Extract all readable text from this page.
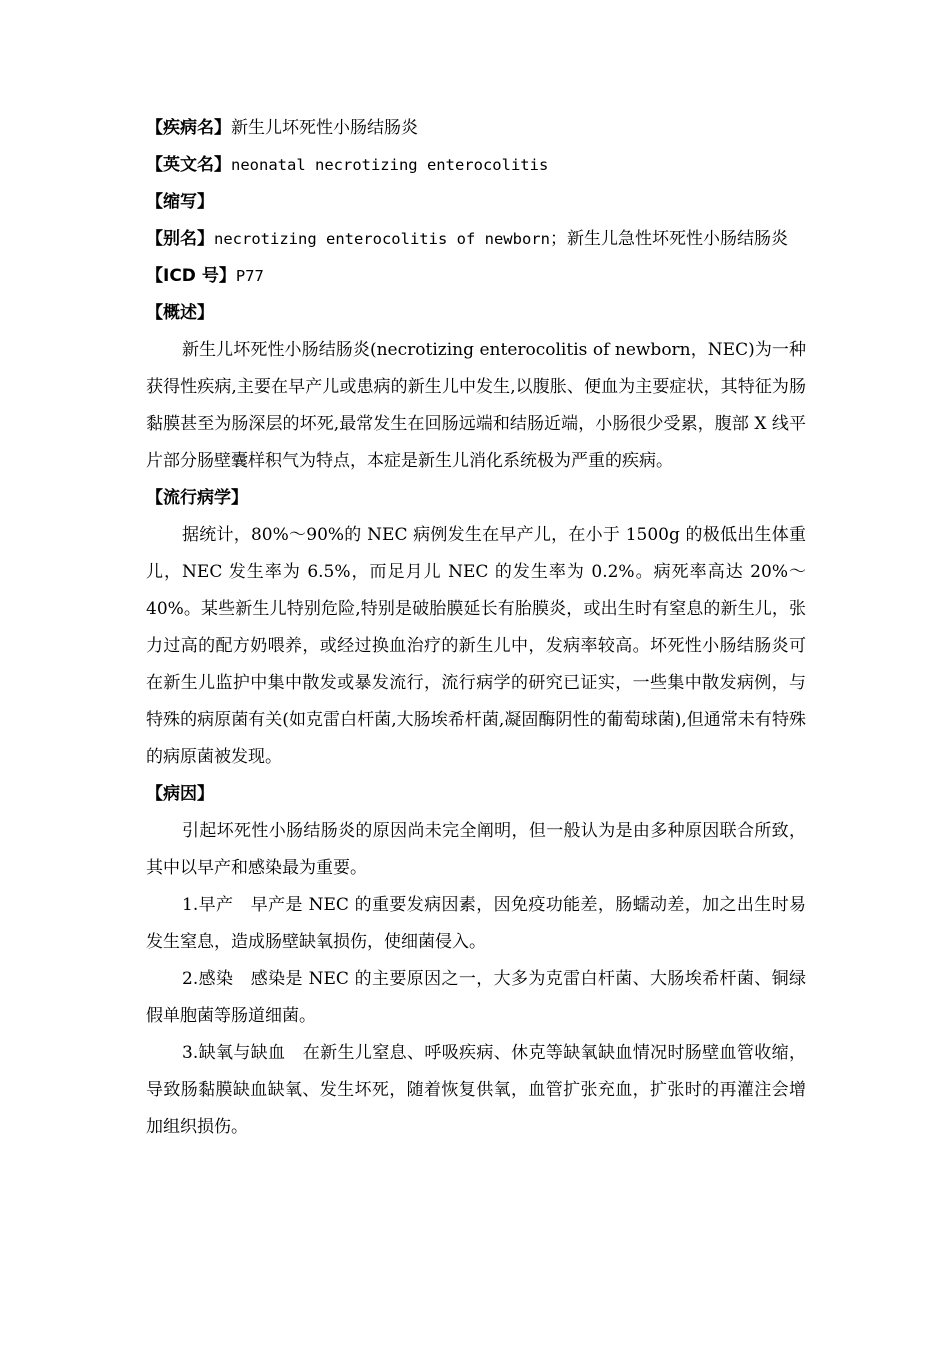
【疾病名】新生儿坏死性小肠结肠炎

【英文名】neonatal necrotizing enterocolitis

【缩写】

【别名】necrotizing enterocolitis of newborn；新生儿急性坏死性小肠结肠炎

【ICD 号】P77

【概述】

新生儿坏死性小肠结肠炎(necrotizing enterocolitis of newborn，NEC)为一种获得性疾病,主要在早产儿或患病的新生儿中发生,以腹胀、便血为主要症状，其特征为肠黏膜甚至为肠深层的坏死,最常发生在回肠远端和结肠近端，小肠很少受累，腹部 X 线平片部分肠壁囊样积气为特点，本症是新生儿消化系统极为严重的疾病。

【流行病学】

据统计，80%～90%的 NEC 病例发生在早产儿，在小于 1500g 的极低出生体重儿，NEC 发生率为 6.5%，而足月儿 NEC 的发生率为 0.2%。病死率高达 20%～40%。某些新生儿特别危险,特别是破胎膜延长有胎膜炎，或出生时有窒息的新生儿，张力过高的配方奶喂养，或经过换血治疗的新生儿中，发病率较高。坏死性小肠结肠炎可在新生儿监护中集中散发或暴发流行，流行病学的研究已证实，一些集中散发病例，与特殊的病原菌有关(如克雷白杆菌,大肠埃希杆菌,凝固酶阴性的葡萄球菌),但通常未有特殊的病原菌被发现。

【病因】

引起坏死性小肠结肠炎的原因尚未完全阐明，但一般认为是由多种原因联合所致，其中以早产和感染最为重要。

1.早产　早产是 NEC 的重要发病因素，因免疫功能差，肠蠕动差，加之出生时易发生窒息，造成肠壁缺氧损伤，使细菌侵入。

2.感染　感染是 NEC 的主要原因之一，大多为克雷白杆菌、大肠埃希杆菌、铜绿假单胞菌等肠道细菌。

3.缺氧与缺血　在新生儿窒息、呼吸疾病、休克等缺氧缺血情况时肠壁血管收缩，导致肠黏膜缺血缺氧、发生坏死，随着恢复供氧，血管扩张充血，扩张时的再灌注会增加组织损伤。
